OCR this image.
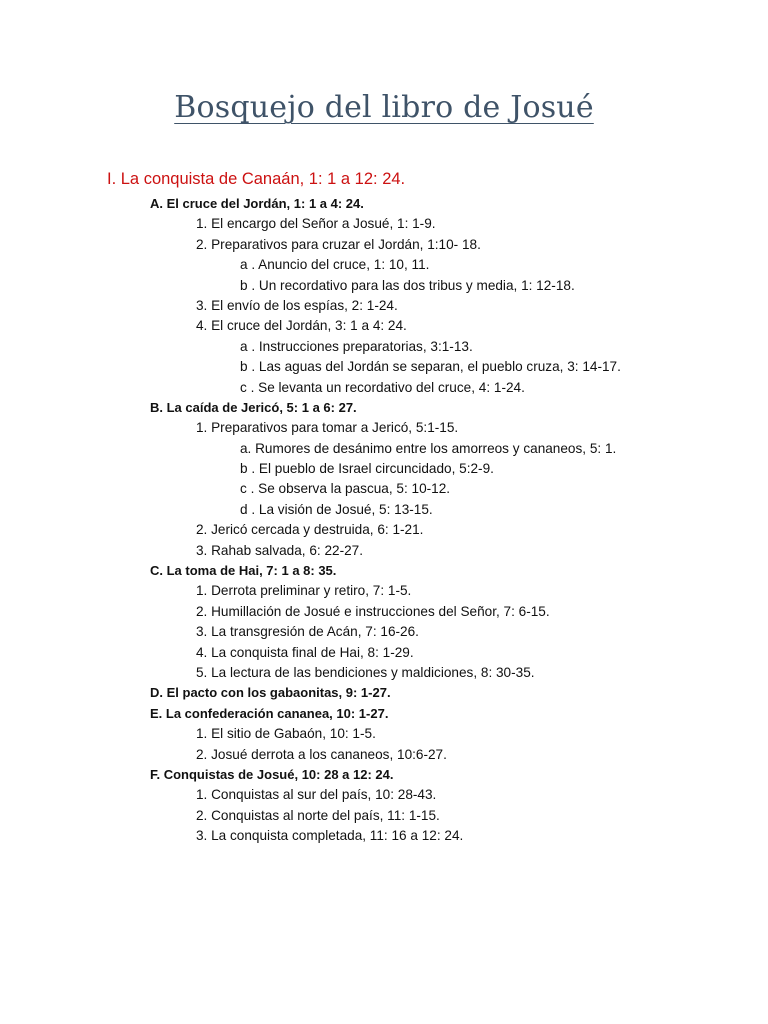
Bosquejo del libro de Josué
I. La conquista de Canaán, 1: 1 a 12: 24.
A. El cruce del Jordán, 1: 1 a 4: 24.
1. El encargo del Señor a Josué, 1: 1-9.
2. Preparativos para cruzar el Jordán, 1:10- 18.
a . Anuncio del cruce, 1: 10, 11.
b . Un recordativo para las dos tribus y media, 1: 12-18.
3. El envío de los espías, 2: 1-24.
4. El cruce del Jordán, 3: 1 a 4: 24.
a . Instrucciones preparatorias, 3:1-13.
b . Las aguas del Jordán se separan, el pueblo cruza, 3: 14-17.
c . Se levanta un recordativo del cruce, 4: 1-24.
B. La caída de Jericó, 5: 1 a 6: 27.
1. Preparativos para tomar a Jericó, 5:1-15.
a. Rumores de desánimo entre los amorreos y cananeos, 5: 1.
b . El pueblo de Israel circuncidado, 5:2-9.
c . Se observa la pascua, 5: 10-12.
d . La visión de Josué, 5: 13-15.
2. Jericó cercada y destruida, 6: 1-21.
3. Rahab salvada, 6: 22-27.
C. La toma de Hai, 7: 1 a 8: 35.
1. Derrota preliminar y retiro, 7: 1-5.
2. Humillación de Josué e instrucciones del Señor, 7: 6-15.
3. La transgresión de Acán, 7: 16-26.
4. La conquista final de Hai, 8: 1-29.
5. La lectura de las bendiciones y maldiciones, 8: 30-35.
D. El pacto con los gabaonitas, 9: 1-27.
E. La confederación cananea, 10: 1-27.
1. El sitio de Gabaón, 10: 1-5.
2. Josué derrota a los cananeos, 10:6-27.
F. Conquistas de Josué, 10: 28 a 12: 24.
1. Conquistas al sur del país, 10: 28-43.
2. Conquistas al norte del país, 11: 1-15.
3. La conquista completada, 11: 16 a 12: 24.
